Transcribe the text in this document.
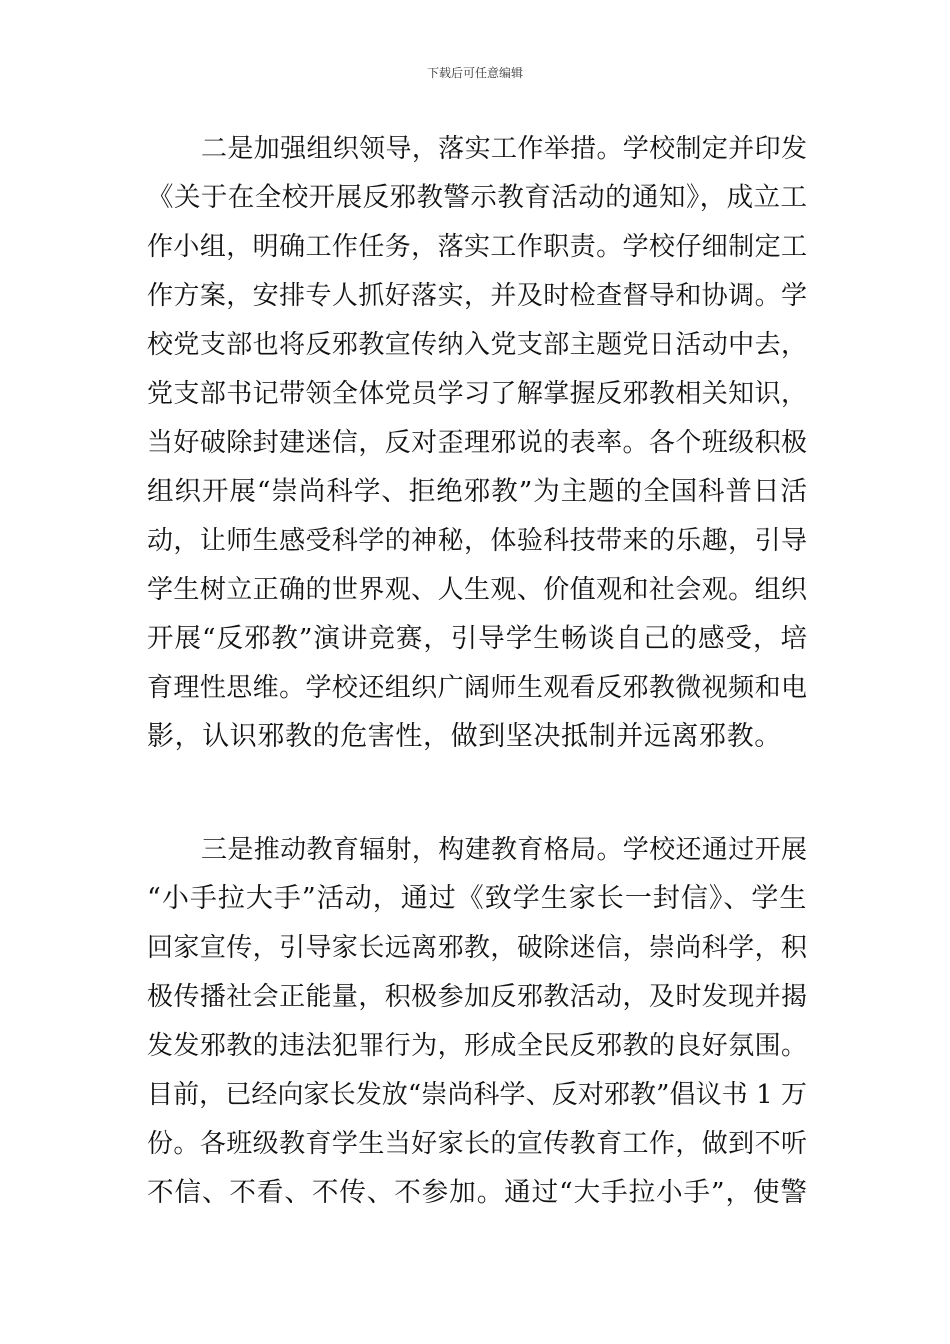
下载后可任意编辑
二是加强组织领导，落实工作举措。学校制定并印发
《关于在全校开展反邪教警示教育活动的通知》，成立工
作小组，明确工作任务，落实工作职责。学校仔细制定工
作方案，安排专人抓好落实，并及时检查督导和协调。学
校党支部也将反邪教宣传纳入党支部主题党日活动中去，
党支部书记带领全体党员学习了解掌握反邪教相关知识，
当好破除封建迷信，反对歪理邪说的表率。各个班级积极
组织开展“崇尚科学、拒绝邪教”为主题的全国科普日活
动，让师生感受科学的神秘，体验科技带来的乐趣，引导
学生树立正确的世界观、人生观、价值观和社会观。组织
开展“反邪教”演讲竞赛，引导学生畅谈自己的感受，培
育理性思维。学校还组织广阔师生观看反邪教微视频和电
影，认识邪教的危害性，做到坚决抵制并远离邪教。
三是推动教育辐射，构建教育格局。学校还通过开展
“小手拉大手”活动，通过《致学生家长一封信》、学生
回家宣传，引导家长远离邪教，破除迷信，崇尚科学，积
极传播社会正能量，积极参加反邪教活动，及时发现并揭
发发邪教的违法犯罪行为，形成全民反邪教的良好氛围。
目前，已经向家长发放“崇尚科学、反对邪教”倡议书 1 万
份。各班级教育学生当好家长的宣传教育工作，做到不听
不信、不看、不传、不参加。通过“大手拉小手”，使警
